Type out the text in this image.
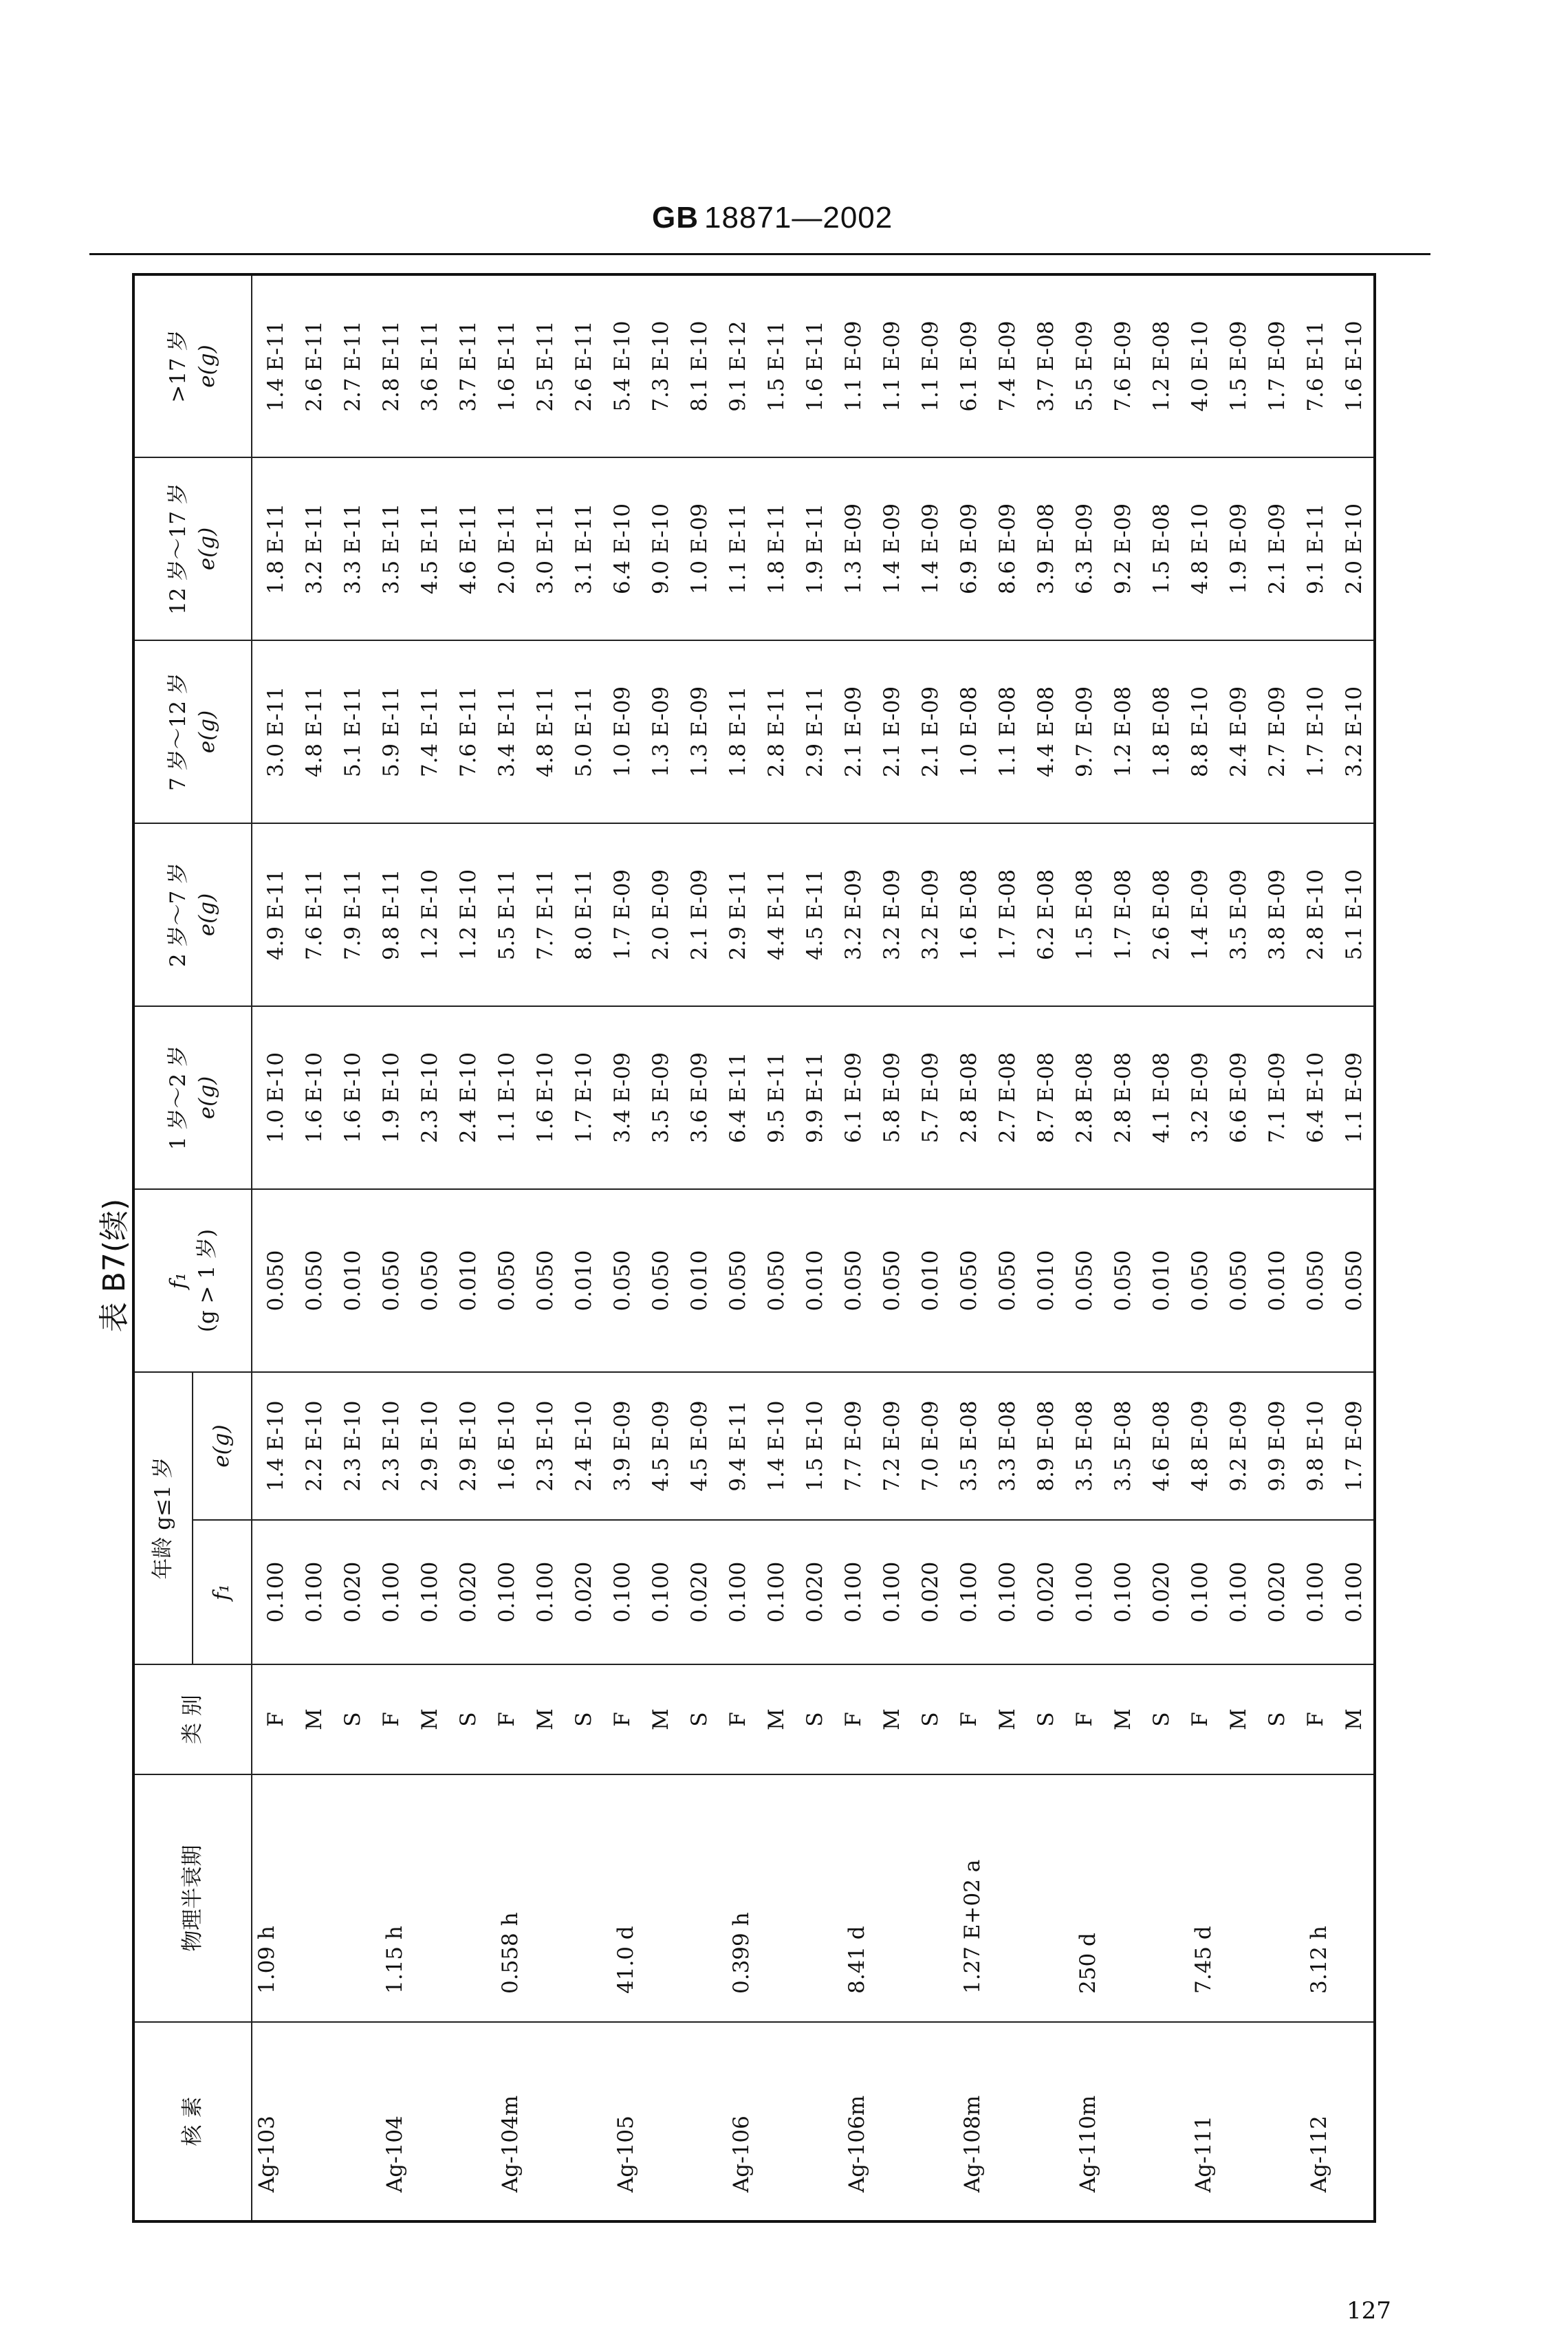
GB 18871—2002
表 B7(续)
核 素	物理半衰期	类 别	年龄 g≤1 岁		f₁ (g > 1 岁)	1 岁～2 岁 e(g)	2 岁～7 岁 e(g)	7 岁～12 岁 e(g)	12 岁～17 岁 e(g)	>17 岁 e(g)
			f₁	e(g)						
Ag-103	1.09 h	F	0.100	1.4 E-10	0.050	1.0 E-10	4.9 E-11	3.0 E-11	1.8 E-11	1.4 E-11
		M	0.100	2.2 E-10	0.050	1.6 E-10	7.6 E-11	4.8 E-11	3.2 E-11	2.6 E-11
		S	0.020	2.3 E-10	0.010	1.6 E-10	7.9 E-11	5.1 E-11	3.3 E-11	2.7 E-11
Ag-104	1.15 h	F	0.100	2.3 E-10	0.050	1.9 E-10	9.8 E-11	5.9 E-11	3.5 E-11	2.8 E-11
		M	0.100	2.9 E-10	0.050	2.3 E-10	1.2 E-10	7.4 E-11	4.5 E-11	3.6 E-11
		S	0.020	2.9 E-10	0.010	2.4 E-10	1.2 E-10	7.6 E-11	4.6 E-11	3.7 E-11
Ag-104m	0.558 h	F	0.100	1.6 E-10	0.050	1.1 E-10	5.5 E-11	3.4 E-11	2.0 E-11	1.6 E-11
		M	0.100	2.3 E-10	0.050	1.6 E-10	7.7 E-11	4.8 E-11	3.0 E-11	2.5 E-11
		S	0.020	2.4 E-10	0.010	1.7 E-10	8.0 E-11	5.0 E-11	3.1 E-11	2.6 E-11
Ag-105	41.0 d	F	0.100	3.9 E-09	0.050	3.4 E-09	1.7 E-09	1.0 E-09	6.4 E-10	5.4 E-10
		M	0.100	4.5 E-09	0.050	3.5 E-09	2.0 E-09	1.3 E-09	9.0 E-10	7.3 E-10
		S	0.020	4.5 E-09	0.010	3.6 E-09	2.1 E-09	1.3 E-09	1.0 E-09	8.1 E-10
Ag-106	0.399 h	F	0.100	9.4 E-11	0.050	6.4 E-11	2.9 E-11	1.8 E-11	1.1 E-11	9.1 E-12
		M	0.100	1.4 E-10	0.050	9.5 E-11	4.4 E-11	2.8 E-11	1.8 E-11	1.5 E-11
		S	0.020	1.5 E-10	0.010	9.9 E-11	4.5 E-11	2.9 E-11	1.9 E-11	1.6 E-11
Ag-106m	8.41 d	F	0.100	7.7 E-09	0.050	6.1 E-09	3.2 E-09	2.1 E-09	1.3 E-09	1.1 E-09
		M	0.100	7.2 E-09	0.050	5.8 E-09	3.2 E-09	2.1 E-09	1.4 E-09	1.1 E-09
		S	0.020	7.0 E-09	0.010	5.7 E-09	3.2 E-09	2.1 E-09	1.4 E-09	1.1 E-09
Ag-108m	1.27 E+02 a	F	0.100	3.5 E-08	0.050	2.8 E-08	1.6 E-08	1.0 E-08	6.9 E-09	6.1 E-09
		M	0.100	3.3 E-08	0.050	2.7 E-08	1.7 E-08	1.1 E-08	8.6 E-09	7.4 E-09
		S	0.020	8.9 E-08	0.010	8.7 E-08	6.2 E-08	4.4 E-08	3.9 E-08	3.7 E-08
Ag-110m	250 d	F	0.100	3.5 E-08	0.050	2.8 E-08	1.5 E-08	9.7 E-09	6.3 E-09	5.5 E-09
		M	0.100	3.5 E-08	0.050	2.8 E-08	1.7 E-08	1.2 E-08	9.2 E-09	7.6 E-09
		S	0.020	4.6 E-08	0.010	4.1 E-08	2.6 E-08	1.8 E-08	1.5 E-08	1.2 E-08
Ag-111	7.45 d	F	0.100	4.8 E-09	0.050	3.2 E-09	1.4 E-09	8.8 E-10	4.8 E-10	4.0 E-10
		M	0.100	9.2 E-09	0.050	6.6 E-09	3.5 E-09	2.4 E-09	1.9 E-09	1.5 E-09
		S	0.020	9.9 E-09	0.010	7.1 E-09	3.8 E-09	2.7 E-09	2.1 E-09	1.7 E-09
Ag-112	3.12 h	F	0.100	9.8 E-10	0.050	6.4 E-10	2.8 E-10	1.7 E-10	9.1 E-11	7.6 E-11
		M	0.100	1.7 E-09	0.050	1.1 E-09	5.1 E-10	3.2 E-10	2.0 E-10	1.6 E-10
127
